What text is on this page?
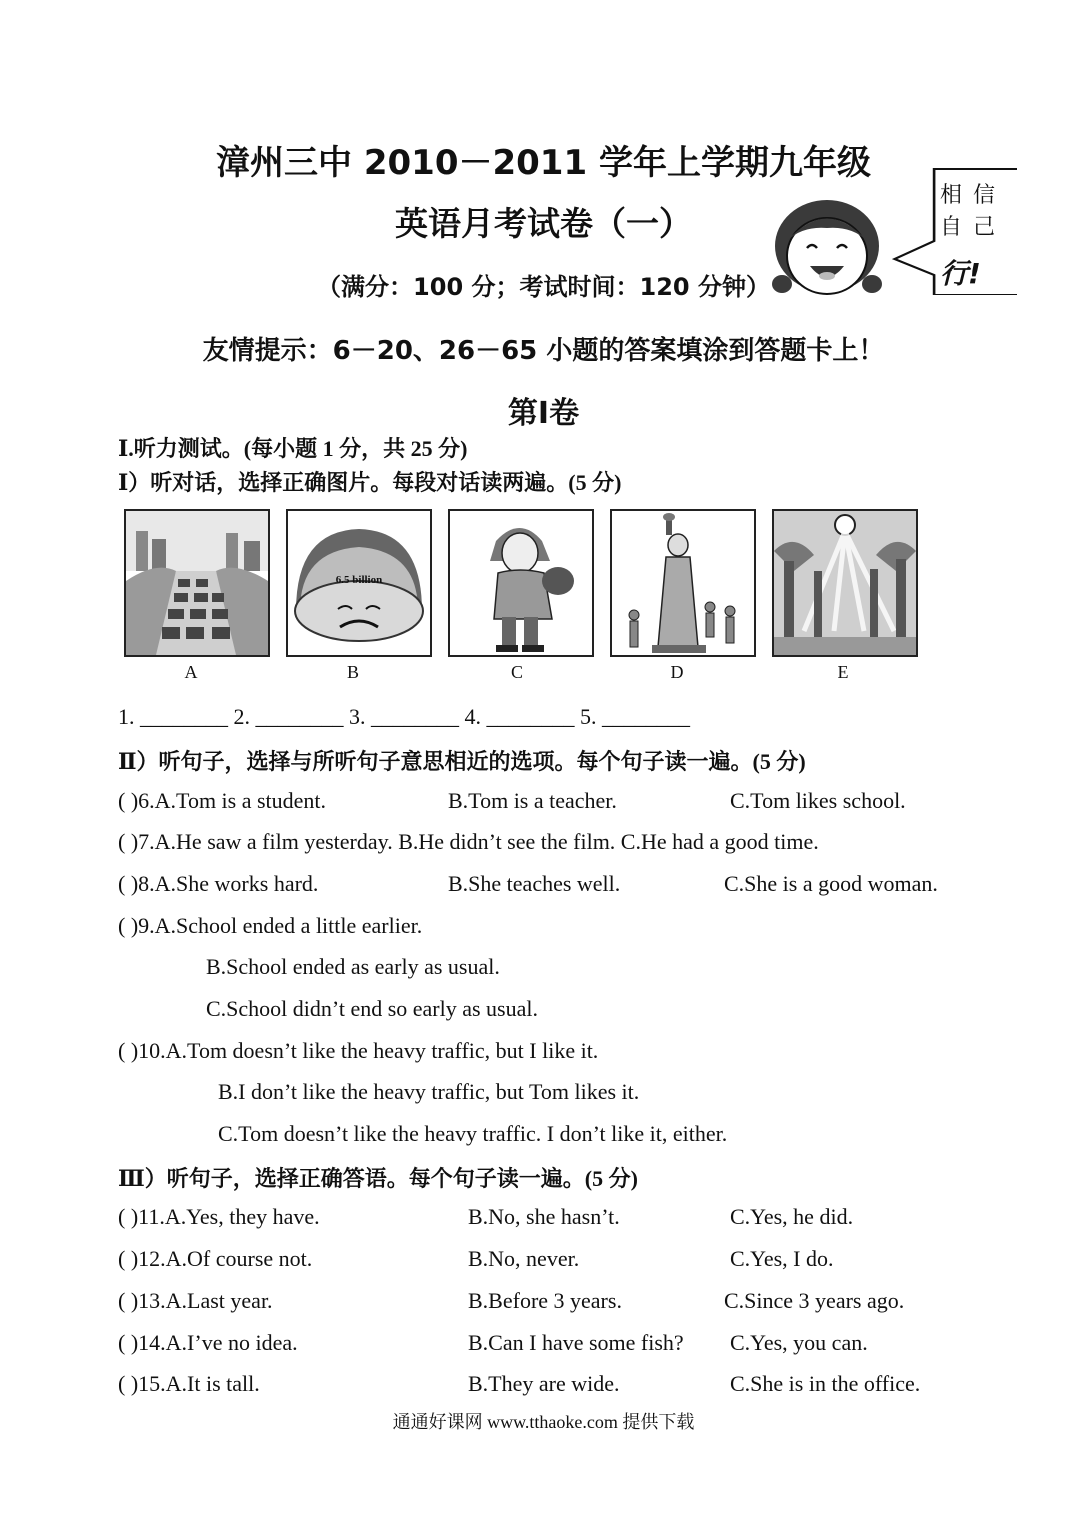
漳州三中 2010－2011 学年上学期九年级
英语月考试卷（一）
（满分：100 分；考试时间：120 分钟）
友情提示：6－20、26－65 小题的答案填涂到答题卡上！
第Ⅰ卷
相 信
自 己
行!
Ⅰ.听力测试。(每小题 1 分，共 25 分)
Ⅰ）听对话，选择正确图片。每段对话读两遍。(5 分)
6.5 billion
A	B	C	D	E
1. ________ 2. ________ 3. ________ 4. ________ 5. ________
Ⅱ）听句子，选择与所听句子意思相近的选项。每个句子读一遍。(5 分)
( )6.A.Tom is a student.	B.Tom is a teacher.	C.Tom likes school.
( )7.A.He saw a film yesterday. B.He didn’t see the film. C.He had a good time.
( )8.A.She works hard.	B.She teaches well.	C.She is a good woman.
( )9.A.School ended a little earlier.
B.School ended as early as usual.
C.School didn’t end so early as usual.
( )10.A.Tom doesn’t like the heavy traffic, but I like it.
B.I don’t like the heavy traffic, but Tom likes it.
C.Tom doesn’t like the heavy traffic. I don’t like it, either.
Ⅲ）听句子，选择正确答语。每个句子读一遍。(5 分)
( )11.A.Yes, they have.	B.No, she hasn’t.	C.Yes, he did.
( )12.A.Of course not.	B.No, never.	C.Yes, I do.
( )13.A.Last year.	B.Before 3 years.	C.Since 3 years ago.
( )14.A.I’ve no idea.	B.Can I have some fish? C.Yes, you can.
( )15.A.It is tall.	B.They are wide.	C.She is in the office.
通通好课网 www.tthaoke.com 提供下载
